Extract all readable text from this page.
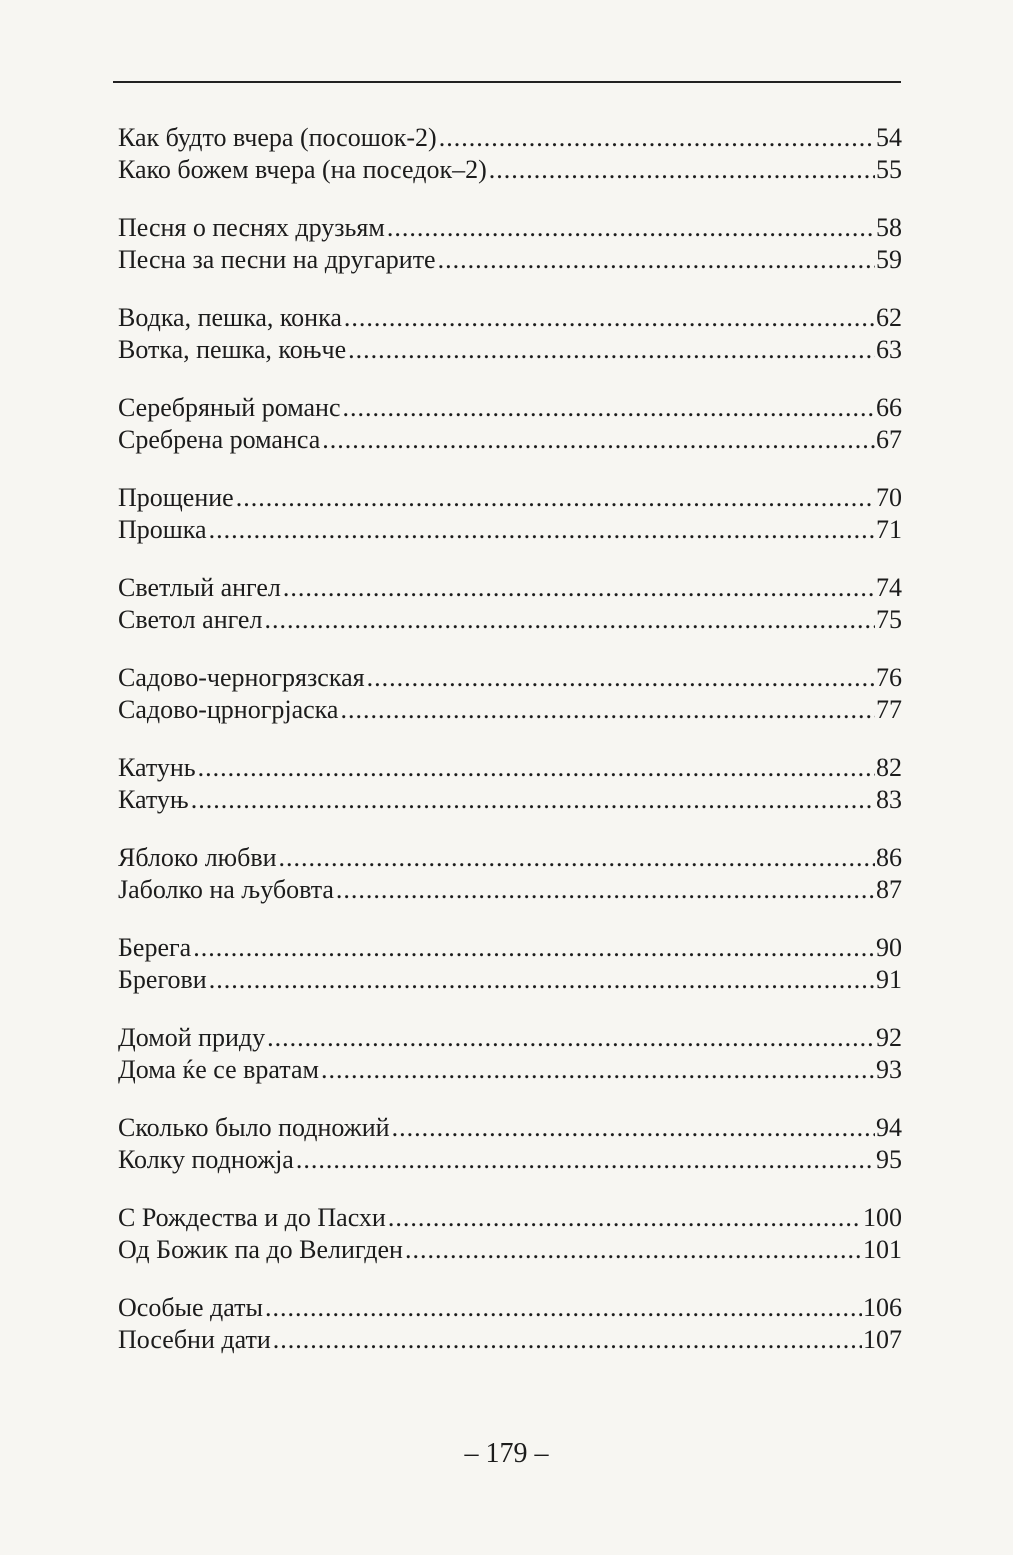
Как будто вчера (посошок-2) .....	54
Како божем вчера (на поседок–2) .....	55
Песня о песнях друзьям .....	58
Песна за песни на другарите .....	59
Водка, пешка, конка .....	62
Вотка, пешка, коњче .....	63
Серебряный романс .....	66
Сребрена романса .....	67
Прощение .....	70
Прошка .....	71
Светлый ангел .....	74
Светол ангел .....	75
Садово-черногрязская .....	76
Садово-црногрјаска .....	77
Катунь .....	82
Катуњ .....	83
Яблоко любви .....	86
Јаболко на љубовта .....	87
Берега .....	90
Брегови .....	91
Домой приду .....	92
Дома ќе се вратам .....	93
Сколько было подножий .....	94
Колку подножја .....	95
С Рождества и до Пасхи .....	100
Од Божик па до Велигден .....	101
Особые даты .....	106
Посебни дати .....	107
– 179 –
